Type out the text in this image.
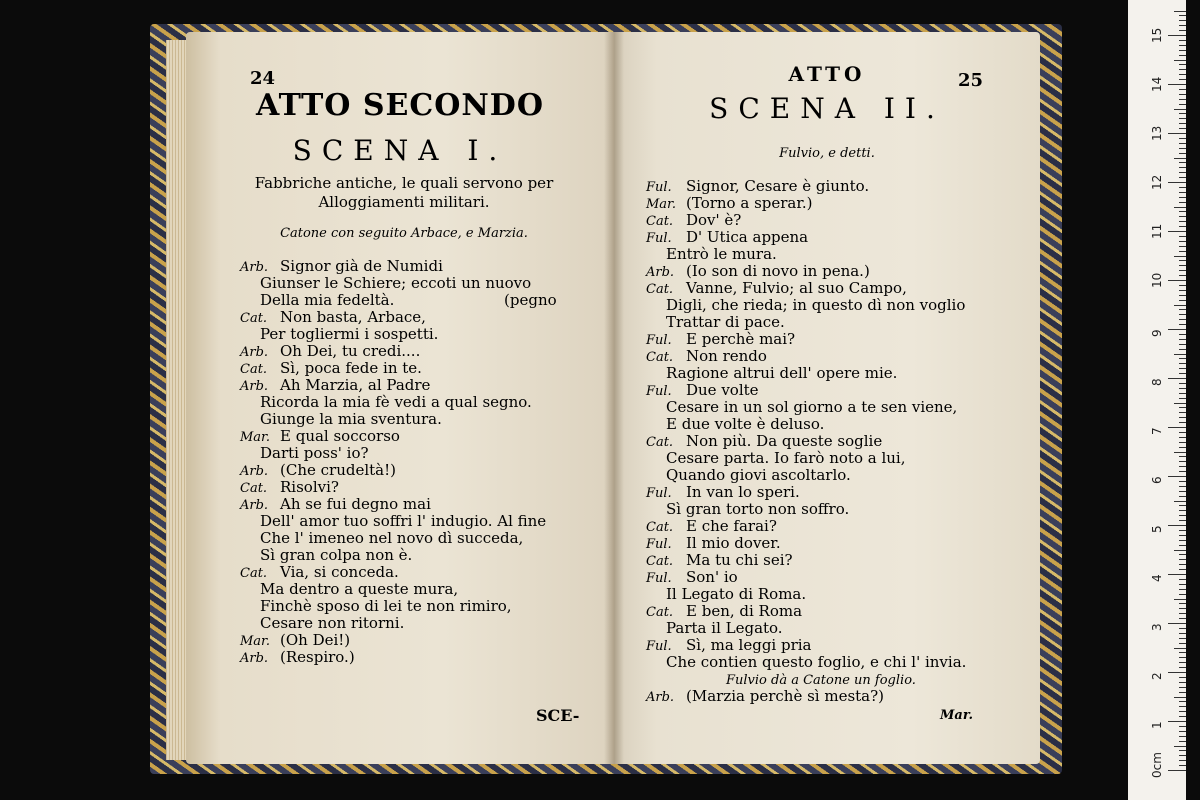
24
ATTO SECONDO
SCENA I.
Fabbriche antiche, le quali servono per
Alloggiamenti militari.
Catone con seguito Arbace, e Marzia.
Arb. Signor già de Numidi
Giunser le Schiere; eccoti un nuovo
Della mia fedeltà.                       (pegno
Cat. Non basta, Arbace,
Per togliermi i sospetti.
Arb. Oh Dei, tu credi....
Cat. Sì, poca fede in te.
Arb. Ah Marzia, al Padre
Ricorda la mia fè vedi a qual segno.
Giunge la mia sventura.
Mar. E qual soccorso
Darti poss' io?
Arb. (Che crudeltà!)
Cat. Risolvi?
Arb. Ah se fui degno mai
Dell' amor tuo soffri l' indugio. Al fine
Che l' imeneo nel novo dì succeda,
Sì gran colpa non è.
Cat. Via, si conceda.
Ma dentro a queste mura,
Finchè sposo di lei te non rimiro,
Cesare non ritorni.
Mar. (Oh Dei!)
Arb. (Respiro.)
SCE-
ATTO	25
SCENA II.
Fulvio, e detti.
Ful. Signor, Cesare è giunto.
Mar. (Torno a sperar.)
Cat. Dov' è?
Ful. D' Utica appena
Entrò le mura.
Arb. (Io son di novo in pena.)
Cat. Vanne, Fulvio; al suo Campo,
Digli, che rieda; in questo dì non voglio
Trattar di pace.
Ful. E perchè mai?
Cat. Non rendo
Ragione altrui dell' opere mie.
Ful. Due volte
Cesare in un sol giorno a te sen viene,
E due volte è deluso.
Cat. Non più. Da queste soglie
Cesare parta. Io farò noto a lui,
Quando giovi ascoltarlo.
Ful. In van lo speri.
Sì gran torto non soffro.
Cat. E che farai?
Ful. Il mio dover.
Cat. Ma tu chi sei?
Ful. Son' io
Il Legato di Roma.
Cat. E ben, di Roma
Parta il Legato.
Ful. Sì, ma leggi pria
Che contien questo foglio, e chi l' invia.
Fulvio dà a Catone un foglio.
Arb. (Marzia perchè sì mesta?)
Mar.
0cm
1
2
3
4
5
6
7
8
9
10
11
12
13
14
15
